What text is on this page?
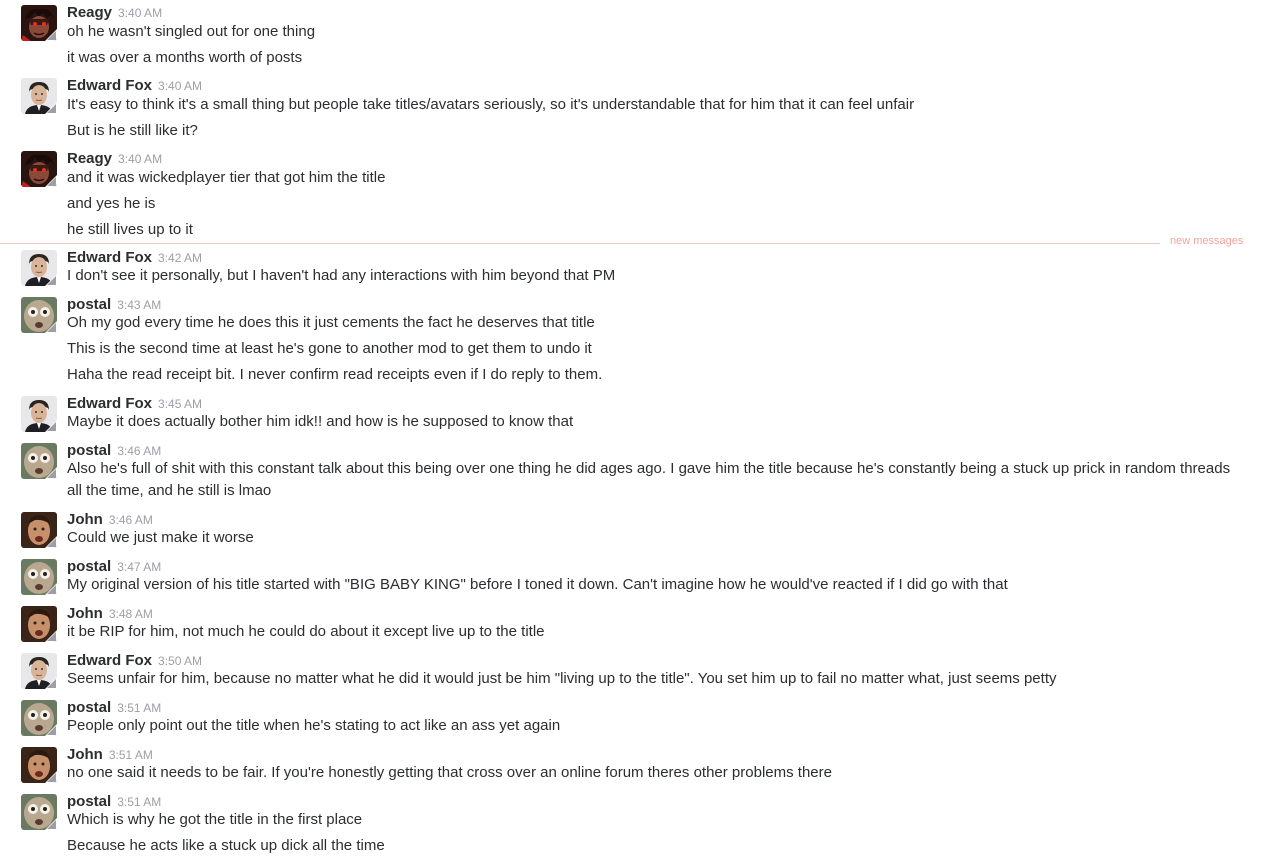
Reagy 3:40 AM
oh he wasn't singled out for one thing
it was over a months worth of posts
Edward Fox 3:40 AM
It's easy to think it's a small thing but people take titles/avatars seriously, so it's understandable that for him that it can feel unfair
But is he still like it?
Reagy 3:40 AM
and it was wickedplayer tier that got him the title
and yes he is
he still lives up to it
new messages
Edward Fox 3:42 AM
I don't see it personally, but I haven't had any interactions with him beyond that PM
postal 3:43 AM
Oh my god every time he does this it just cements the fact he deserves that title
This is the second time at least he's gone to another mod to get them to undo it
Haha the read receipt bit. I never confirm read receipts even if I do reply to them.
Edward Fox 3:45 AM
Maybe it does actually bother him idk!! and how is he supposed to know that
postal 3:46 AM
Also he's full of shit with this constant talk about this being over one thing he did ages ago. I gave him the title because he's constantly being a stuck up prick in random threads all the time, and he still is lmao
John 3:46 AM
Could we just make it worse
postal 3:47 AM
My original version of his title started with "BIG BABY KING" before I toned it down. Can't imagine how he would've reacted if I did go with that
John 3:48 AM
it be RIP for him, not much he could do about it except live up to the title
Edward Fox 3:50 AM
Seems unfair for him, because no matter what he did it would just be him "living up to the title". You set him up to fail no matter what, just seems petty
postal 3:51 AM
People only point out the title when he's stating to act like an ass yet again
John 3:51 AM
no one said it needs to be fair. If you're honestly getting that cross over an online forum theres other problems there
postal 3:51 AM
Which is why he got the title in the first place
Because he acts like a stuck up dick all the time
